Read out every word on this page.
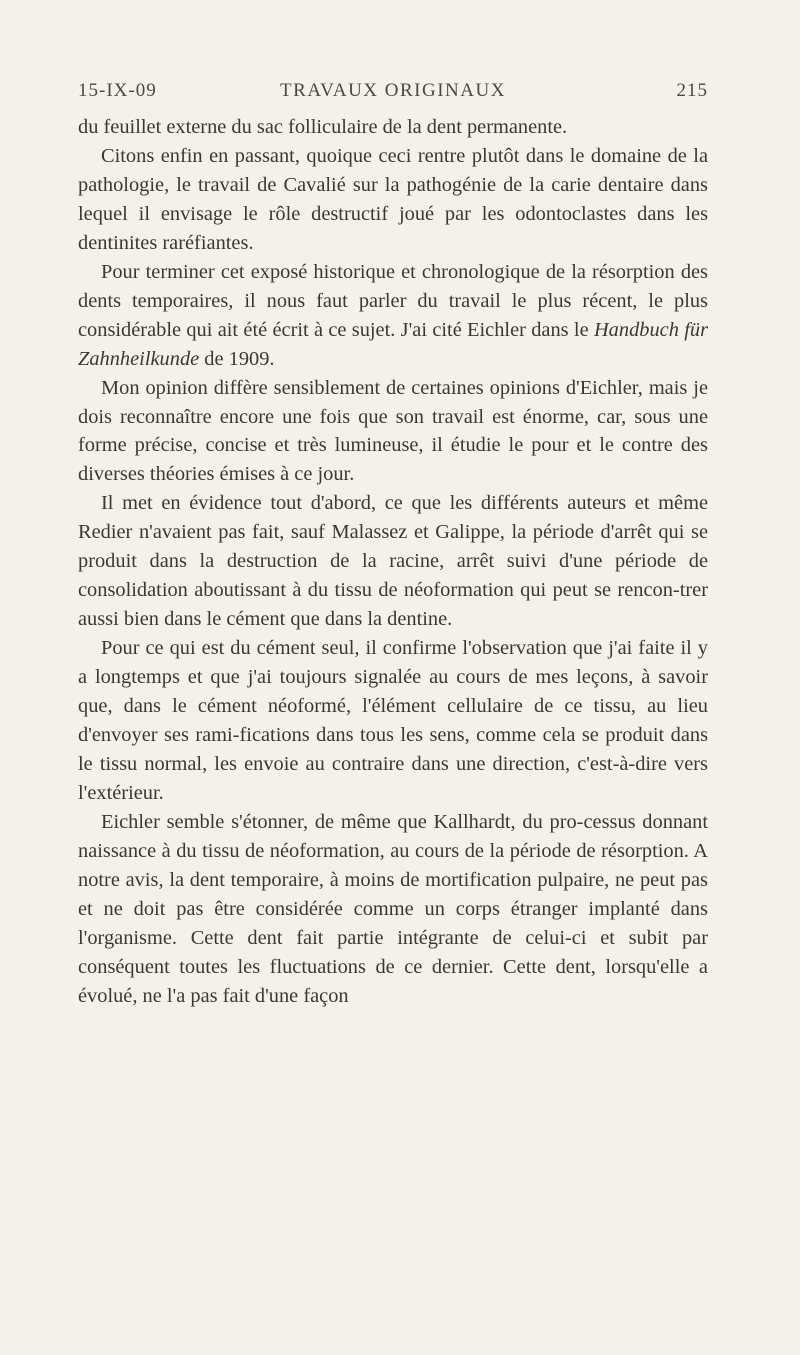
15-IX-09	TRAVAUX ORIGINAUX	215

du feuillet externe du sac folliculaire de la dent permanente.

Citons enfin en passant, quoique ceci rentre plutôt dans le domaine de la pathologie, le travail de Cavalié sur la pathogénie de la carie dentaire dans lequel il envisage le rôle destructif joué par les odontoclastes dans les dentinites raréfiantes.

Pour terminer cet exposé historique et chronologique de la résorption des dents temporaires, il nous faut parler du travail le plus récent, le plus considérable qui ait été écrit à ce sujet. J'ai cité Eichler dans le Handbuch für Zahnheilkunde de 1909.

Mon opinion diffère sensiblement de certaines opinions d'Eichler, mais je dois reconnaître encore une fois que son travail est énorme, car, sous une forme précise, concise et très lumineuse, il étudie le pour et le contre des diverses théories émises à ce jour.

Il met en évidence tout d'abord, ce que les différents auteurs et même Redier n'avaient pas fait, sauf Malassez et Galippe, la période d'arrêt qui se produit dans la destruction de la racine, arrêt suivi d'une période de consolidation aboutissant à du tissu de néoformation qui peut se rencon-trer aussi bien dans le cément que dans la dentine.

Pour ce qui est du cément seul, il confirme l'observation que j'ai faite il y a longtemps et que j'ai toujours signalée au cours de mes leçons, à savoir que, dans le cément néoformé, l'élément cellulaire de ce tissu, au lieu d'envoyer ses rami-fications dans tous les sens, comme cela se produit dans le tissu normal, les envoie au contraire dans une direction, c'est-à-dire vers l'extérieur.

Eichler semble s'étonner, de même que Kallhardt, du pro-cessus donnant naissance à du tissu de néoformation, au cours de la période de résorption. A notre avis, la dent temporaire, à moins de mortification pulpaire, ne peut pas et ne doit pas être considérée comme un corps étranger implanté dans l'organisme. Cette dent fait partie intégrante de celui-ci et subit par conséquent toutes les fluctuations de ce dernier. Cette dent, lorsqu'elle a évolué, ne l'a pas fait d'une façon
